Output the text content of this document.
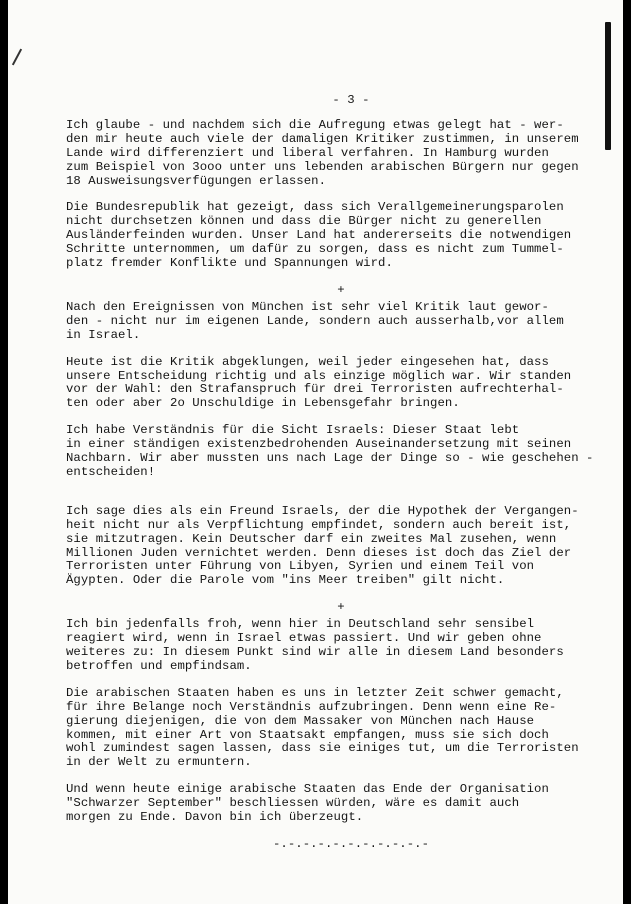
- 3 -

Ich glaube - und nachdem sich die Aufregung etwas gelegt hat - wer-
den mir heute auch viele der damaligen Kritiker zustimmen, in unserem
Lande wird differenziert und liberal verfahren. In Hamburg wurden
zum Beispiel von 3ooo unter uns lebenden arabischen Bürgern nur gegen
18 Ausweisungsverfügungen erlassen.

Die Bundesrepublik hat gezeigt, dass sich Verallgemeinerungsparolen
nicht durchsetzen können und dass die Bürger nicht zu generellen
Ausländerfeinden wurden. Unser Land hat andererseits die notwendigen
Schritte unternommen, um dafür zu sorgen, dass es nicht zum Tummel-
platz fremder Konflikte und Spannungen wird.

+

Nach den Ereignissen von München ist sehr viel Kritik laut gewor-
den - nicht nur im eigenen Lande, sondern auch ausserhalb,vor allem
in Israel.

Heute ist die Kritik abgeklungen, weil jeder eingesehen hat, dass
unsere Entscheidung richtig und als einzige möglich war. Wir standen
vor der Wahl: den Strafanspruch für drei Terroristen aufrechterhal-
ten oder aber 2o Unschuldige in Lebensgefahr bringen.

Ich habe Verständnis für die Sicht Israels: Dieser Staat lebt
in einer ständigen existenzbedrohenden Auseinandersetzung mit seinen
Nachbarn. Wir aber mussten uns nach Lage der Dinge so - wie geschehen -
entscheiden!

Ich sage dies als ein Freund Israels, der die Hypothek der Vergangen-
heit nicht nur als Verpflichtung empfindet, sondern auch bereit ist,
sie mitzutragen. Kein Deutscher darf ein zweites Mal zusehen, wenn
Millionen Juden vernichtet werden. Denn dieses ist doch das Ziel der
Terroristen unter Führung von Libyen, Syrien und einem Teil von
Ägypten. Oder die Parole vom "ins Meer treiben" gilt nicht.

+

Ich bin jedenfalls froh, wenn hier in Deutschland sehr sensibel
reagiert wird, wenn in Israel etwas passiert. Und wir geben ohne
weiteres zu: In diesem Punkt sind wir alle in diesem Land besonders
betroffen und empfindsam.

Die arabischen Staaten haben es uns in letzter Zeit schwer gemacht,
für ihre Belange noch Verständnis aufzubringen. Denn wenn eine Re-
gierung diejenigen, die von dem Massaker von München nach Hause
kommen, mit einer Art von Staatsakt empfangen, muss sie sich doch
wohl zumindest sagen lassen, dass sie einiges tut, um die Terroristen
in der Welt zu ermuntern.

Und wenn heute einige arabische Staaten das Ende der Organisation
"Schwarzer September" beschliessen würden, wäre es damit auch
morgen zu Ende. Davon bin ich überzeugt.

-.-.-.-.-.-.-.-.-.-.-
